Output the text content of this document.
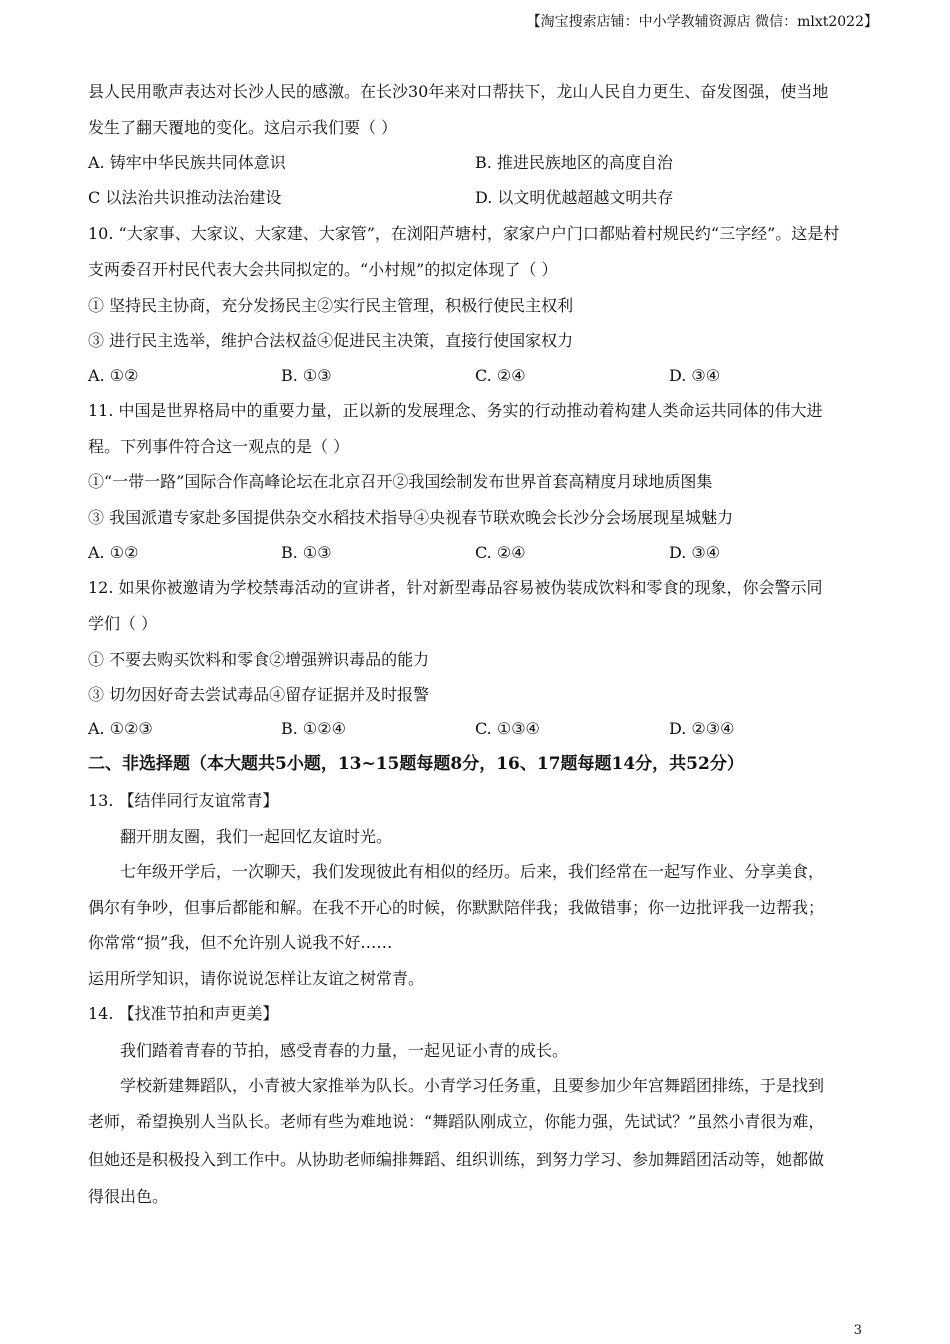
【淘宝搜索店铺：中小学教辅资源店 微信：mlxt2022】
县人民用歌声表达对长沙人民的感激。在长沙30年来对口帮扶下，龙山人民自力更生、奋发图强，使当地
发生了翻天覆地的变化。这启示我们要（ ）
A. 铸牢中华民族共同体意识	B. 推进民族地区的高度自治
C 以法治共识推动法治建设	D. 以文明优越超越文明共存
10. “大家事、大家议、大家建、大家管”，在浏阳芦塘村，家家户户门口都贴着村规民约“三字经”。这是村
支两委召开村民代表大会共同拟定的。“小村规”的拟定体现了（ ）
① 坚持民主协商，充分发扬民主②实行民主管理，积极行使民主权利
③ 进行民主选举，维护合法权益④促进民主决策，直接行使国家权力
A. ①②	B. ①③	C. ②④	D. ③④
11. 中国是世界格局中的重要力量，正以新的发展理念、务实的行动推动着构建人类命运共同体的伟大进
程。下列事件符合这一观点的是（ ）
①“一带一路”国际合作高峰论坛在北京召开②我国绘制发布世界首套高精度月球地质图集
③ 我国派遣专家赴多国提供杂交水稻技术指导④央视春节联欢晚会长沙分会场展现星城魅力
A. ①②	B. ①③	C. ②④	D. ③④
12. 如果你被邀请为学校禁毒活动的宣讲者，针对新型毒品容易被伪装成饮料和零食的现象，你会警示同
学们（ ）
① 不要去购买饮料和零食②增强辨识毒品的能力
③ 切勿因好奇去尝试毒品④留存证据并及时报警
A. ①②③	B. ①②④	C. ①③④	D. ②③④
二、非选择题（本大题共5小题，13~15题每题8分，16、17题每题14分，共52分）
13. 【结伴同行友谊常青】
翻开朋友圈，我们一起回忆友谊时光。
七年级开学后，一次聊天，我们发现彼此有相似的经历。后来，我们经常在一起写作业、分享美食，
偶尔有争吵，但事后都能和解。在我不开心的时候，你默默陪伴我；我做错事；你一边批评我一边帮我；
你常常“损”我，但不允许别人说我不好……
运用所学知识，请你说说怎样让友谊之树常青。
14. 【找准节拍和声更美】
我们踏着青春的节拍，感受青春的力量，一起见证小青的成长。
学校新建舞蹈队，小青被大家推举为队长。小青学习任务重，且要参加少年宫舞蹈团排练，于是找到
老师，希望换别人当队长。老师有些为难地说：“舞蹈队刚成立，你能力强，先试试？”虽然小青很为难，
但她还是积极投入到工作中。从协助老师编排舞蹈、组织训练，到努力学习、参加舞蹈团活动等，她都做
得很出色。
3
